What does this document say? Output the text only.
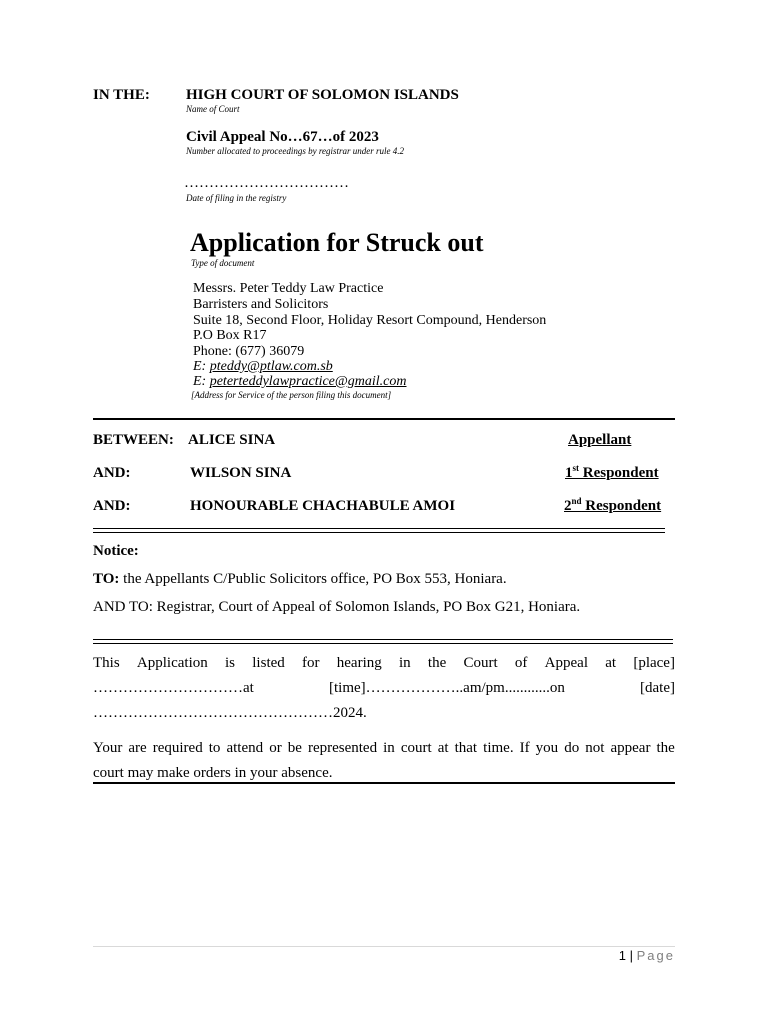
IN THE: HIGH COURT OF SOLOMON ISLANDS
Name of Court
Civil Appeal No…67…of 2023
Number allocated to proceedings by registrar under rule 4.2
……………………………
Date of filing in the registry
Application for Struck out
Type of document
Messrs. Peter Teddy Law Practice
Barristers and Solicitors
Suite 18, Second Floor, Holiday Resort Compound, Henderson
P.O Box R17
Phone: (677) 36079
E: pteddy@ptlaw.com.sb
E: peterteddylawpractice@gmail.com
[Address for Service of the person filing this document]
BETWEEN: ALICE SINA	Appellant
AND:	WILSON SINA	1st Respondent
AND:	HONOURABLE CHACHABULE AMOI	2nd Respondent
Notice:
TO: the Appellants C/Public Solicitors office, PO Box 553, Honiara.
AND TO: Registrar, Court of Appeal of Solomon Islands, PO Box G21, Honiara.
This Application is listed for hearing in the Court of Appeal at [place]
…………………………at	[time]………………..am/pm............on	[date]
…………………………………………2024.
Your are required to attend or be represented in court at that time. If you do not appear the
court may make orders in your absence.
1 | Page
